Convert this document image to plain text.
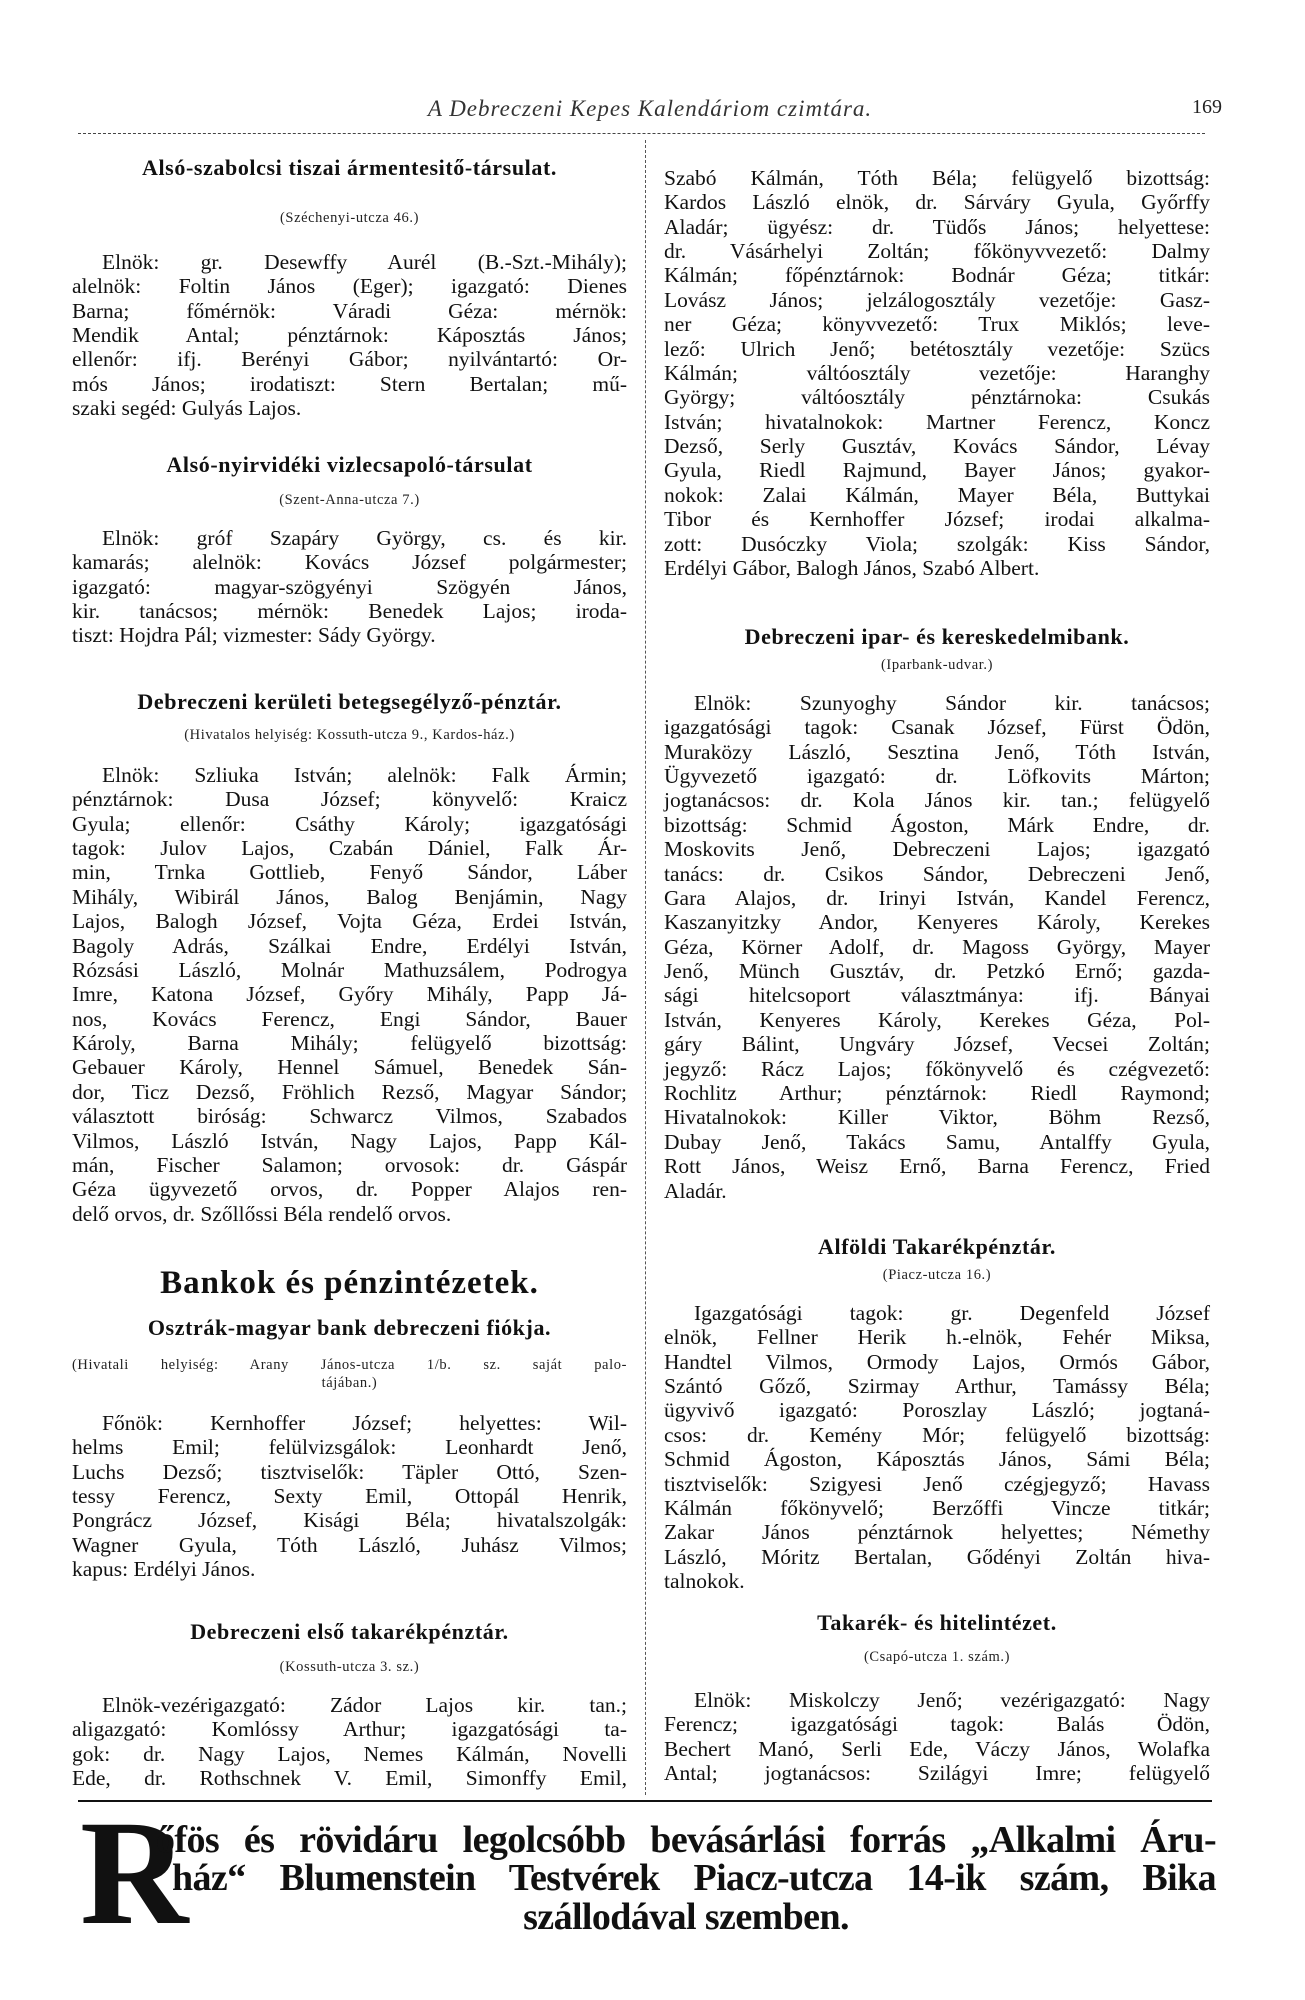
A Debreczeni Kepes Kalendáriom czimtára.	169
Alsó-szabolcsi tiszai ármentesitő-társulat.
(Széchenyi-utcza 46.)
Elnök: gr. Desewffy Aurél (B.-Szt.-Mihály);
alelnök: Foltin János (Eger); igazgató: Dienes
Barna; főmérnök: Váradi Géza: mérnök:
Mendik Antal; pénztárnok: Káposztás János;
ellenőr: ifj. Berényi Gábor; nyilvántartó: Or-
mós János; irodatiszt: Stern Bertalan; mű-
szaki segéd: Gulyás Lajos.
Alsó-nyirvidéki vizlecsapoló-társulat
(Szent-Anna-utcza 7.)
Elnök: gróf Szapáry György, cs. és kir.
kamarás; alelnök: Kovács József polgármester;
igazgató: magyar-szögyényi Szögyén János,
kir. tanácsos; mérnök: Benedek Lajos; iroda-
tiszt: Hojdra Pál; vizmester: Sády György.
Debreczeni kerületi betegsegélyző-pénztár.
(Hivatalos helyiség: Kossuth-utcza 9., Kardos-ház.)
Elnök: Szliuka István; alelnök: Falk Ármin;
pénztárnok: Dusa József; könyvelő: Kraicz
Gyula; ellenőr: Csáthy Károly; igazgatósági
tagok: Julov Lajos, Czabán Dániel, Falk Ár-
min, Trnka Gottlieb, Fenyő Sándor, Láber
Mihály, Wibirál János, Balog Benjámin, Nagy
Lajos, Balogh József, Vojta Géza, Erdei István,
Bagoly Adrás, Szálkai Endre, Erdélyi István,
Rózsási László, Molnár Mathuzsálem, Podrogya
Imre, Katona József, Győry Mihály, Papp Já-
nos, Kovács Ferencz, Engi Sándor, Bauer
Károly, Barna Mihály; felügyelő bizottság:
Gebauer Károly, Hennel Sámuel, Benedek Sán-
dor, Ticz Dezső, Fröhlich Rezső, Magyar Sándor;
választott biróság: Schwarcz Vilmos, Szabados
Vilmos, László István, Nagy Lajos, Papp Kál-
mán, Fischer Salamon; orvosok: dr. Gáspár
Géza ügyvezető orvos, dr. Popper Alajos ren-
delő orvos, dr. Szőllőssi Béla rendelő orvos.
Bankok és pénzintézetek.
Osztrák-magyar bank debreczeni fiókja.
(Hivatali helyiség: Arany János-utcza 1/b. sz. saját palo-
tájában.)
Főnök: Kernhoffer József; helyettes: Wil-
helms Emil; felülvizsgálok: Leonhardt Jenő,
Luchs Dezső; tisztviselők: Täpler Ottó, Szen-
tessy Ferencz, Sexty Emil, Ottopál Henrik,
Pongrácz József, Kisági Béla; hivatalszolgák:
Wagner Gyula, Tóth László, Juhász Vilmos;
kapus: Erdélyi János.
Debreczeni első takarékpénztár.
(Kossuth-utcza 3. sz.)
Elnök-vezérigazgató: Zádor Lajos kir. tan.;
aligazgató: Komlóssy Arthur; igazgatósági ta-
gok: dr. Nagy Lajos, Nemes Kálmán, Novelli
Ede, dr. Rothschnek V. Emil, Simonffy Emil,
Szabó Kálmán, Tóth Béla; felügyelő bizottság:
Kardos László elnök, dr. Sárváry Gyula, Győrffy
Aladár; ügyész: dr. Tüdős János; helyettese:
dr. Vásárhelyi Zoltán; főkönyvvezető: Dalmy
Kálmán; főpénztárnok: Bodnár Géza; titkár:
Lovász János; jelzálogosztály vezetője: Gasz-
ner Géza; könyvvezető: Trux Miklós; leve-
lező: Ulrich Jenő; betétosztály vezetője: Szücs
Kálmán; váltóosztály vezetője: Haranghy
György; váltóosztály pénztárnoka: Csukás
István; hivatalnokok: Martner Ferencz, Koncz
Dezső, Serly Gusztáv, Kovács Sándor, Lévay
Gyula, Riedl Rajmund, Bayer János; gyakor-
nokok: Zalai Kálmán, Mayer Béla, Buttykai
Tibor és Kernhoffer József; irodai alkalma-
zott: Dusóczky Viola; szolgák: Kiss Sándor,
Erdélyi Gábor, Balogh János, Szabó Albert.
Debreczeni ipar- és kereskedelmibank.
(Iparbank-udvar.)
Elnök: Szunyoghy Sándor kir. tanácsos;
igazgatósági tagok: Csanak József, Fürst Ödön,
Muraközy László, Sesztina Jenő, Tóth István,
Ügyvezető igazgató: dr. Löfkovits Márton;
jogtanácsos: dr. Kola János kir. tan.; felügyelő
bizottság: Schmid Ágoston, Márk Endre, dr.
Moskovits Jenő, Debreczeni Lajos; igazgató
tanács: dr. Csikos Sándor, Debreczeni Jenő,
Gara Alajos, dr. Irinyi István, Kandel Ferencz,
Kaszanyitzky Andor, Kenyeres Károly, Kerekes
Géza, Körner Adolf, dr. Magoss György, Mayer
Jenő, Münch Gusztáv, dr. Petzkó Ernő; gazda-
sági hitelcsoport választmánya: ifj. Bányai
István, Kenyeres Károly, Kerekes Géza, Pol-
gáry Bálint, Ungváry József, Vecsei Zoltán;
jegyző: Rácz Lajos; főkönyvelő és czégvezető:
Rochlitz Arthur; pénztárnok: Riedl Raymond;
Hivatalnokok: Killer Viktor, Böhm Rezső,
Dubay Jenő, Takács Samu, Antalffy Gyula,
Rott János, Weisz Ernő, Barna Ferencz, Fried
Aladár.
Alföldi Takarékpénztár.
(Piacz-utcza 16.)
Igazgatósági tagok: gr. Degenfeld József
elnök, Fellner Herik h.-elnök, Fehér Miksa,
Handtel Vilmos, Ormody Lajos, Ormós Gábor,
Szántó Gőző, Szirmay Arthur, Tamássy Béla;
ügyvivő igazgató: Poroszlay László; jogtaná-
csos: dr. Kemény Mór; felügyelő bizottság:
Schmid Ágoston, Káposztás János, Sámi Béla;
tisztviselők: Szigyesi Jenő czégjegyző; Havass
Kálmán főkönyvelő; Berzőffi Vincze titkár;
Zakar János pénztárnok helyettes; Némethy
László, Móritz Bertalan, Gődényi Zoltán hiva-
talnokok.
Takarék- és hitelintézet.
(Csapó-utcza 1. szám.)
Elnök: Miskolczy Jenő; vezérigazgató: Nagy
Ferencz; igazgatósági tagok: Balás Ödön,
Bechert Manó, Serli Ede, Váczy János, Wolafka
Antal; jogtanácsos: Szilágyi Imre; felügyelő
R
őfös és rövidáru legolcsóbb bevásárlási forrás „Alkalmi Áru-
ház“ Blumenstein Testvérek Piacz-utcza 14-ik szám, Bika
szállodával szemben.
